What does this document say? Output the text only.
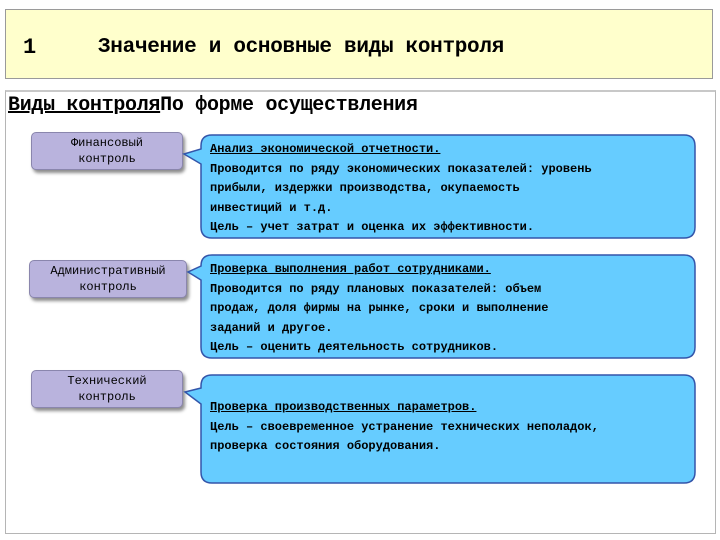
1	Значение и основные виды контроля
Виды контроляПо форме осуществления
Финансовый
контроль
Анализ экономической отчетности.
Проводится по ряду экономических показателей: уровень
прибыли, издержки производства, окупаемость
инвестиций и т.д.
Цель – учет затрат и оценка их эффективности.
Административный
контроль
Проверка выполнения работ сотрудниками.
Проводится по ряду плановых показателей: объем
продаж, доля фирмы на рынке, сроки и выполнение
заданий и другое.
Цель – оценить деятельность сотрудников.
Технический
контроль
Проверка производственных параметров.
Цель – своевременное устранение технических неполадок,
проверка состояния оборудования.
